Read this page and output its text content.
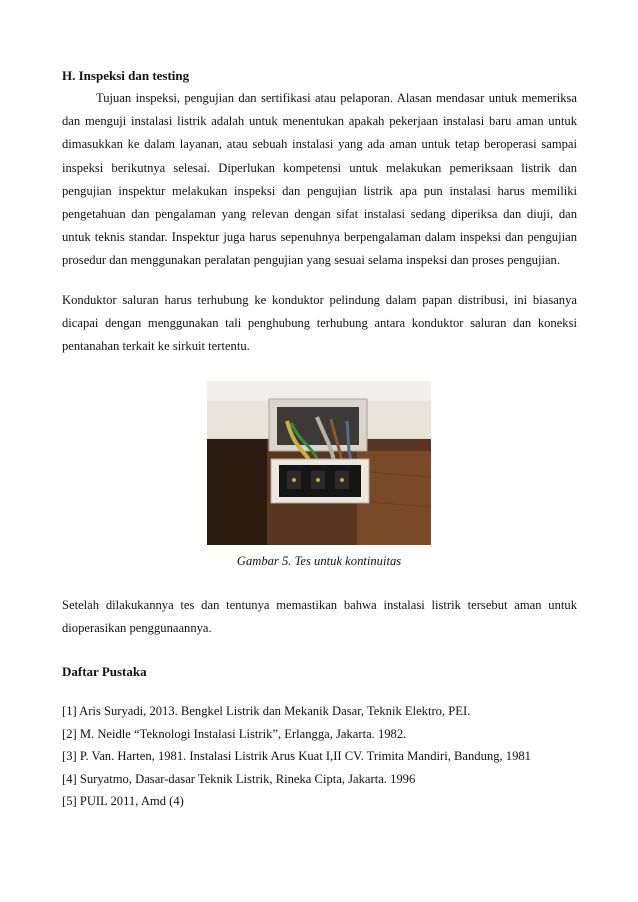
H. Inspeksi dan testing

Tujuan inspeksi, pengujian dan sertifikasi atau pelaporan. Alasan mendasar untuk memeriksa dan menguji instalasi listrik adalah untuk menentukan apakah pekerjaan instalasi baru aman untuk dimasukkan ke dalam layanan, atau sebuah instalasi yang ada aman untuk tetap beroperasi sampai inspeksi berikutnya selesai. Diperlukan kompetensi untuk melakukan pemeriksaan listrik dan pengujian inspektur melakukan inspeksi dan pengujian listrik apa pun instalasi harus memiliki pengetahuan dan pengalaman yang relevan dengan sifat instalasi sedang diperiksa dan diuji, dan untuk teknis standar. Inspektur juga harus sepenuhnya berpengalaman dalam inspeksi dan pengujian prosedur dan menggunakan peralatan pengujian yang sesuai selama inspeksi dan proses pengujian.

Konduktor saluran harus terhubung ke konduktor pelindung dalam papan distribusi, ini biasanya dicapai dengan menggunakan tali penghubung terhubung antara konduktor saluran dan koneksi pentanahan terkait ke sirkuit tertentu.

Gambar 5. Tes untuk kontinuitas

Setelah dilakukannya tes dan tentunya memastikan bahwa instalasi listrik tersebut aman untuk dioperasikan penggunaannya.

Daftar Pustaka
[1] Aris Suryadi, 2013. Bengkel Listrik dan Mekanik Dasar, Teknik Elektro, PEI.
[2] M. Neidle “Teknologi Instalasi Listrik”, Erlangga, Jakarta. 1982.
[3] P. Van. Harten, 1981. Instalasi Listrik Arus Kuat I,II CV. Trimita Mandiri, Bandung, 1981
[4] Suryatmo, Dasar-dasar Teknik Listrik, Rineka Cipta, Jakarta. 1996
[5] PUIL 2011, Amd (4)
